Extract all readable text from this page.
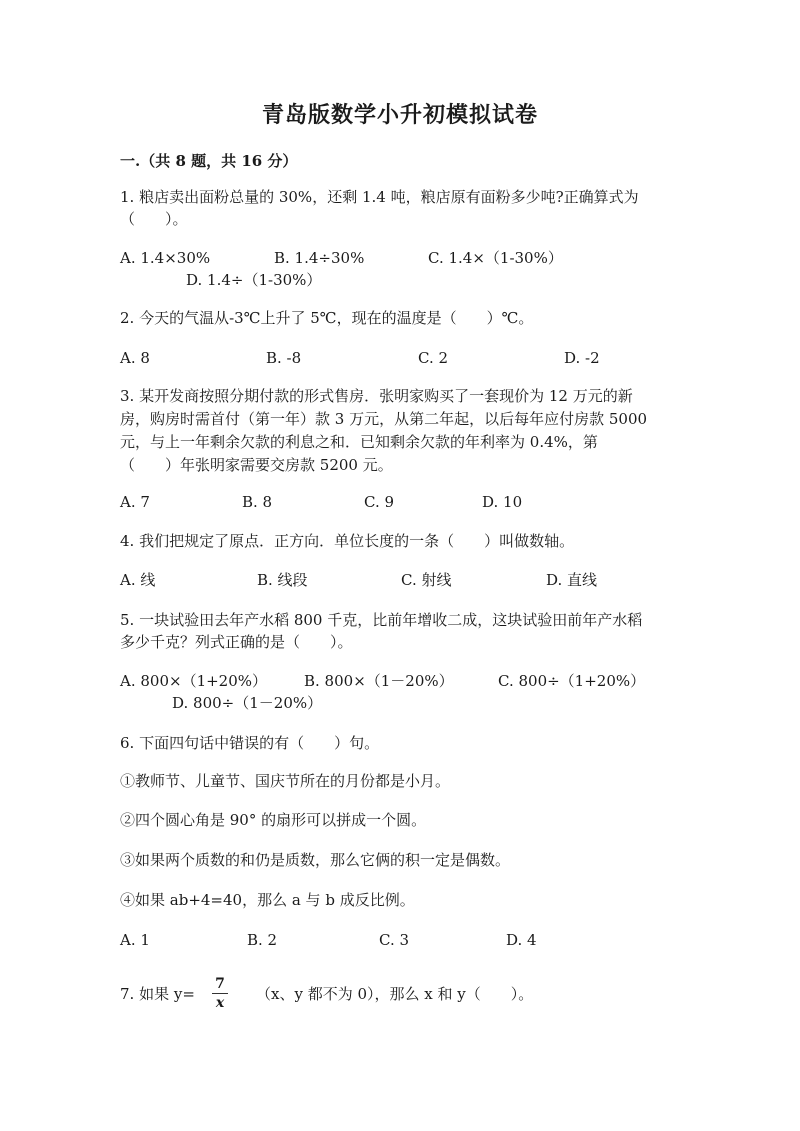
青岛版数学小升初模拟试卷
一.（共 8 题，共 16 分）
1. 粮店卖出面粉总量的 30%，还剩 1.4 吨，粮店原有面粉多少吨?正确算式为
（　　）。
A. 1.4×30%	B. 1.4÷30%	C. 1.4×（1-30%）
D. 1.4÷（1-30%）
2. 今天的气温从-3℃上升了 5℃，现在的温度是（　　）℃。
A. 8	B. -8	C. 2	D. -2
3. 某开发商按照分期付款的形式售房．张明家购买了一套现价为 12 万元的新
房，购房时需首付（第一年）款 3 万元，从第二年起，以后每年应付房款 5000
元，与上一年剩余欠款的利息之和．已知剩余欠款的年利率为 0.4%，第
（　　）年张明家需要交房款 5200 元。
A. 7	B. 8	C. 9	D. 10
4. 我们把规定了原点．正方向．单位长度的一条（　　）叫做数轴。
A. 线	B. 线段	C. 射线	D. 直线
5. 一块试验田去年产水稻 800 千克，比前年增收二成，这块试验田前年产水稻
多少千克？列式正确的是（　　）。
A. 800×（1+20%） B. 800×（1－20%）	C. 800÷（1+20%）
D. 800÷（1－20%）
6. 下面四句话中错误的有（　　）句。
①教师节、儿童节、国庆节所在的月份都是小月。
②四个圆心角是 90° 的扇形可以拼成一个圆。
③如果两个质数的和仍是质数，那么它俩的积一定是偶数。
④如果 ab+4=40，那么 a 与 b 成反比例。
A. 1	B. 2	C. 3	D. 4
7. 如果 y=
7
x （x、y 都不为 0），那么 x 和 y（　　）。
